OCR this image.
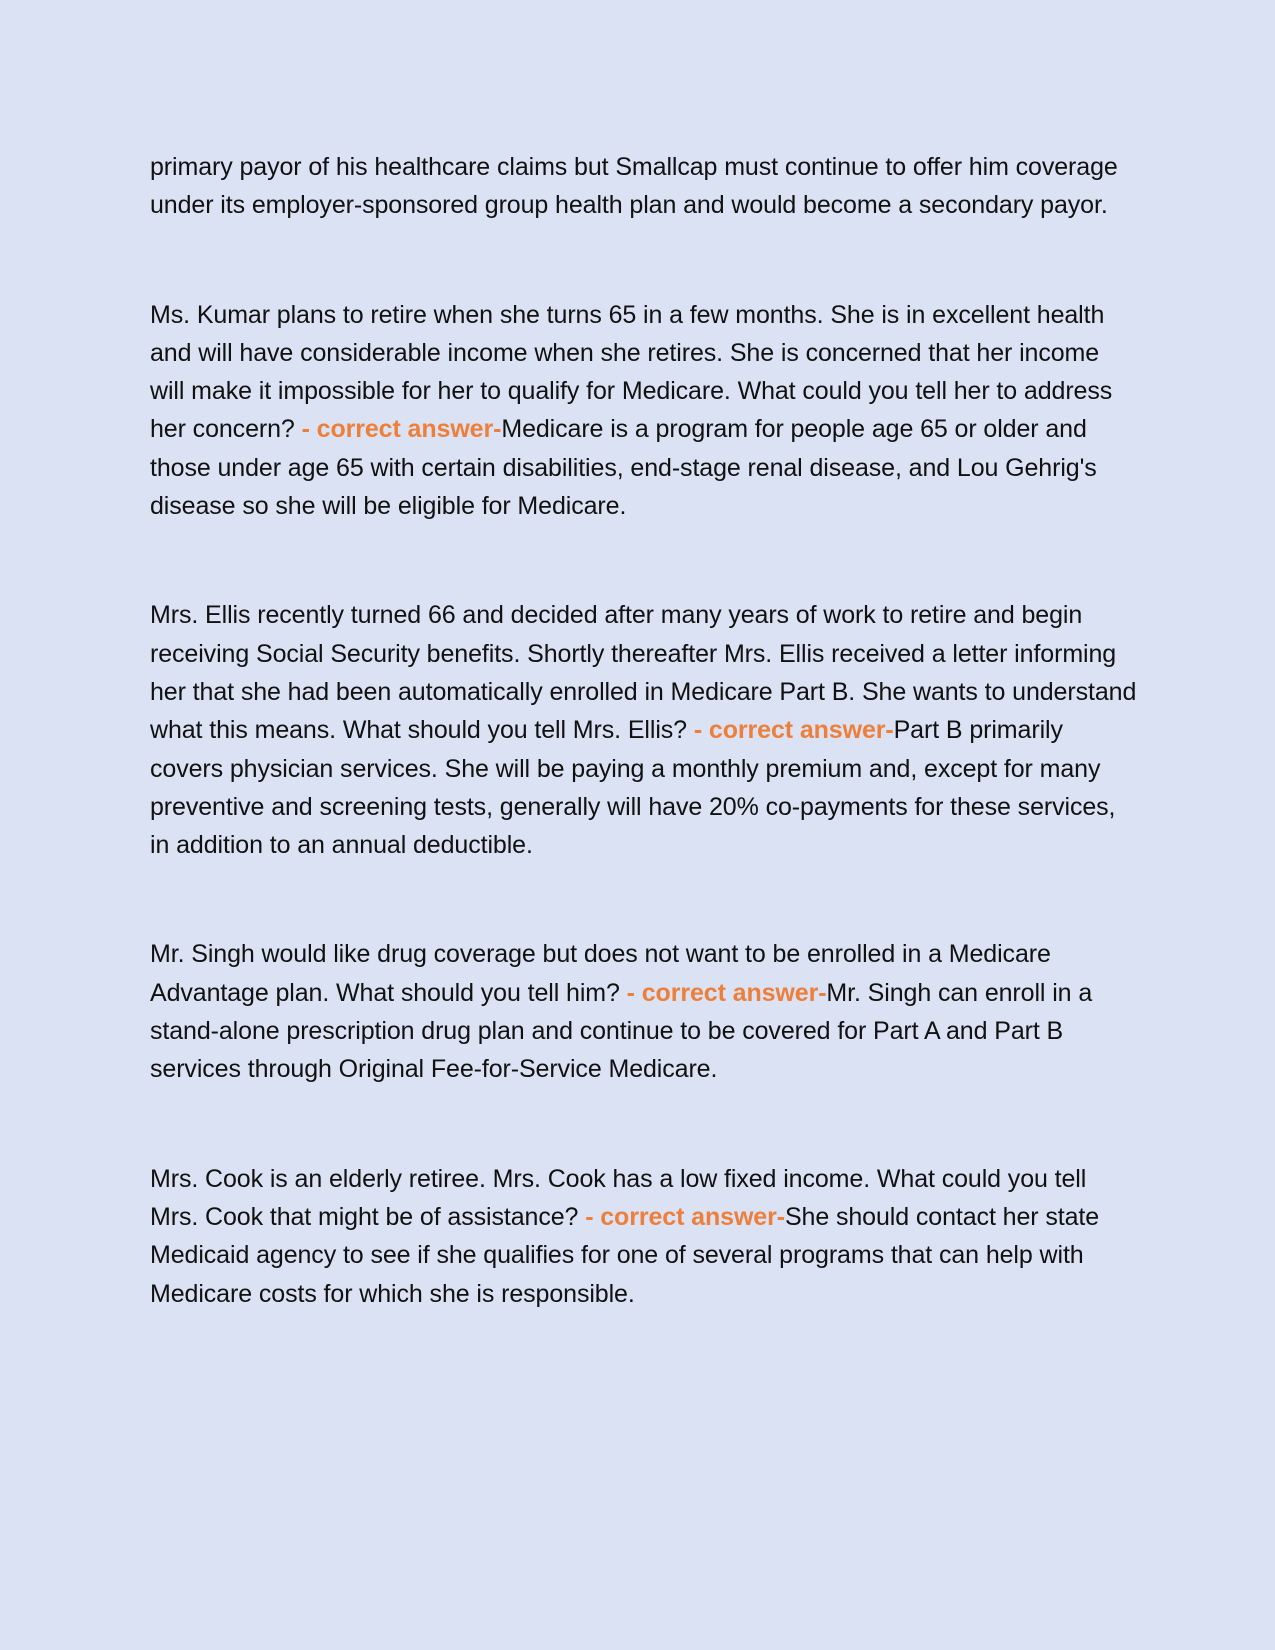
primary payor of his healthcare claims but Smallcap must continue to offer him coverage under its employer-sponsored group health plan and would become a secondary payor.

Ms. Kumar plans to retire when she turns 65 in a few months. She is in excellent health and will have considerable income when she retires. She is concerned that her income will make it impossible for her to qualify for Medicare. What could you tell her to address her concern? - correct answer-Medicare is a program for people age 65 or older and those under age 65 with certain disabilities, end-stage renal disease, and Lou Gehrig's disease so she will be eligible for Medicare.

Mrs. Ellis recently turned 66 and decided after many years of work to retire and begin receiving Social Security benefits. Shortly thereafter Mrs. Ellis received a letter informing her that she had been automatically enrolled in Medicare Part B. She wants to understand what this means. What should you tell Mrs. Ellis? - correct answer-Part B primarily covers physician services. She will be paying a monthly premium and, except for many preventive and screening tests, generally will have 20% co-payments for these services, in addition to an annual deductible.

Mr. Singh would like drug coverage but does not want to be enrolled in a Medicare Advantage plan. What should you tell him? - correct answer-Mr. Singh can enroll in a stand-alone prescription drug plan and continue to be covered for Part A and Part B services through Original Fee-for-Service Medicare.

Mrs. Cook is an elderly retiree. Mrs. Cook has a low fixed income. What could you tell Mrs. Cook that might be of assistance? - correct answer-She should contact her state Medicaid agency to see if she qualifies for one of several programs that can help with Medicare costs for which she is responsible.
